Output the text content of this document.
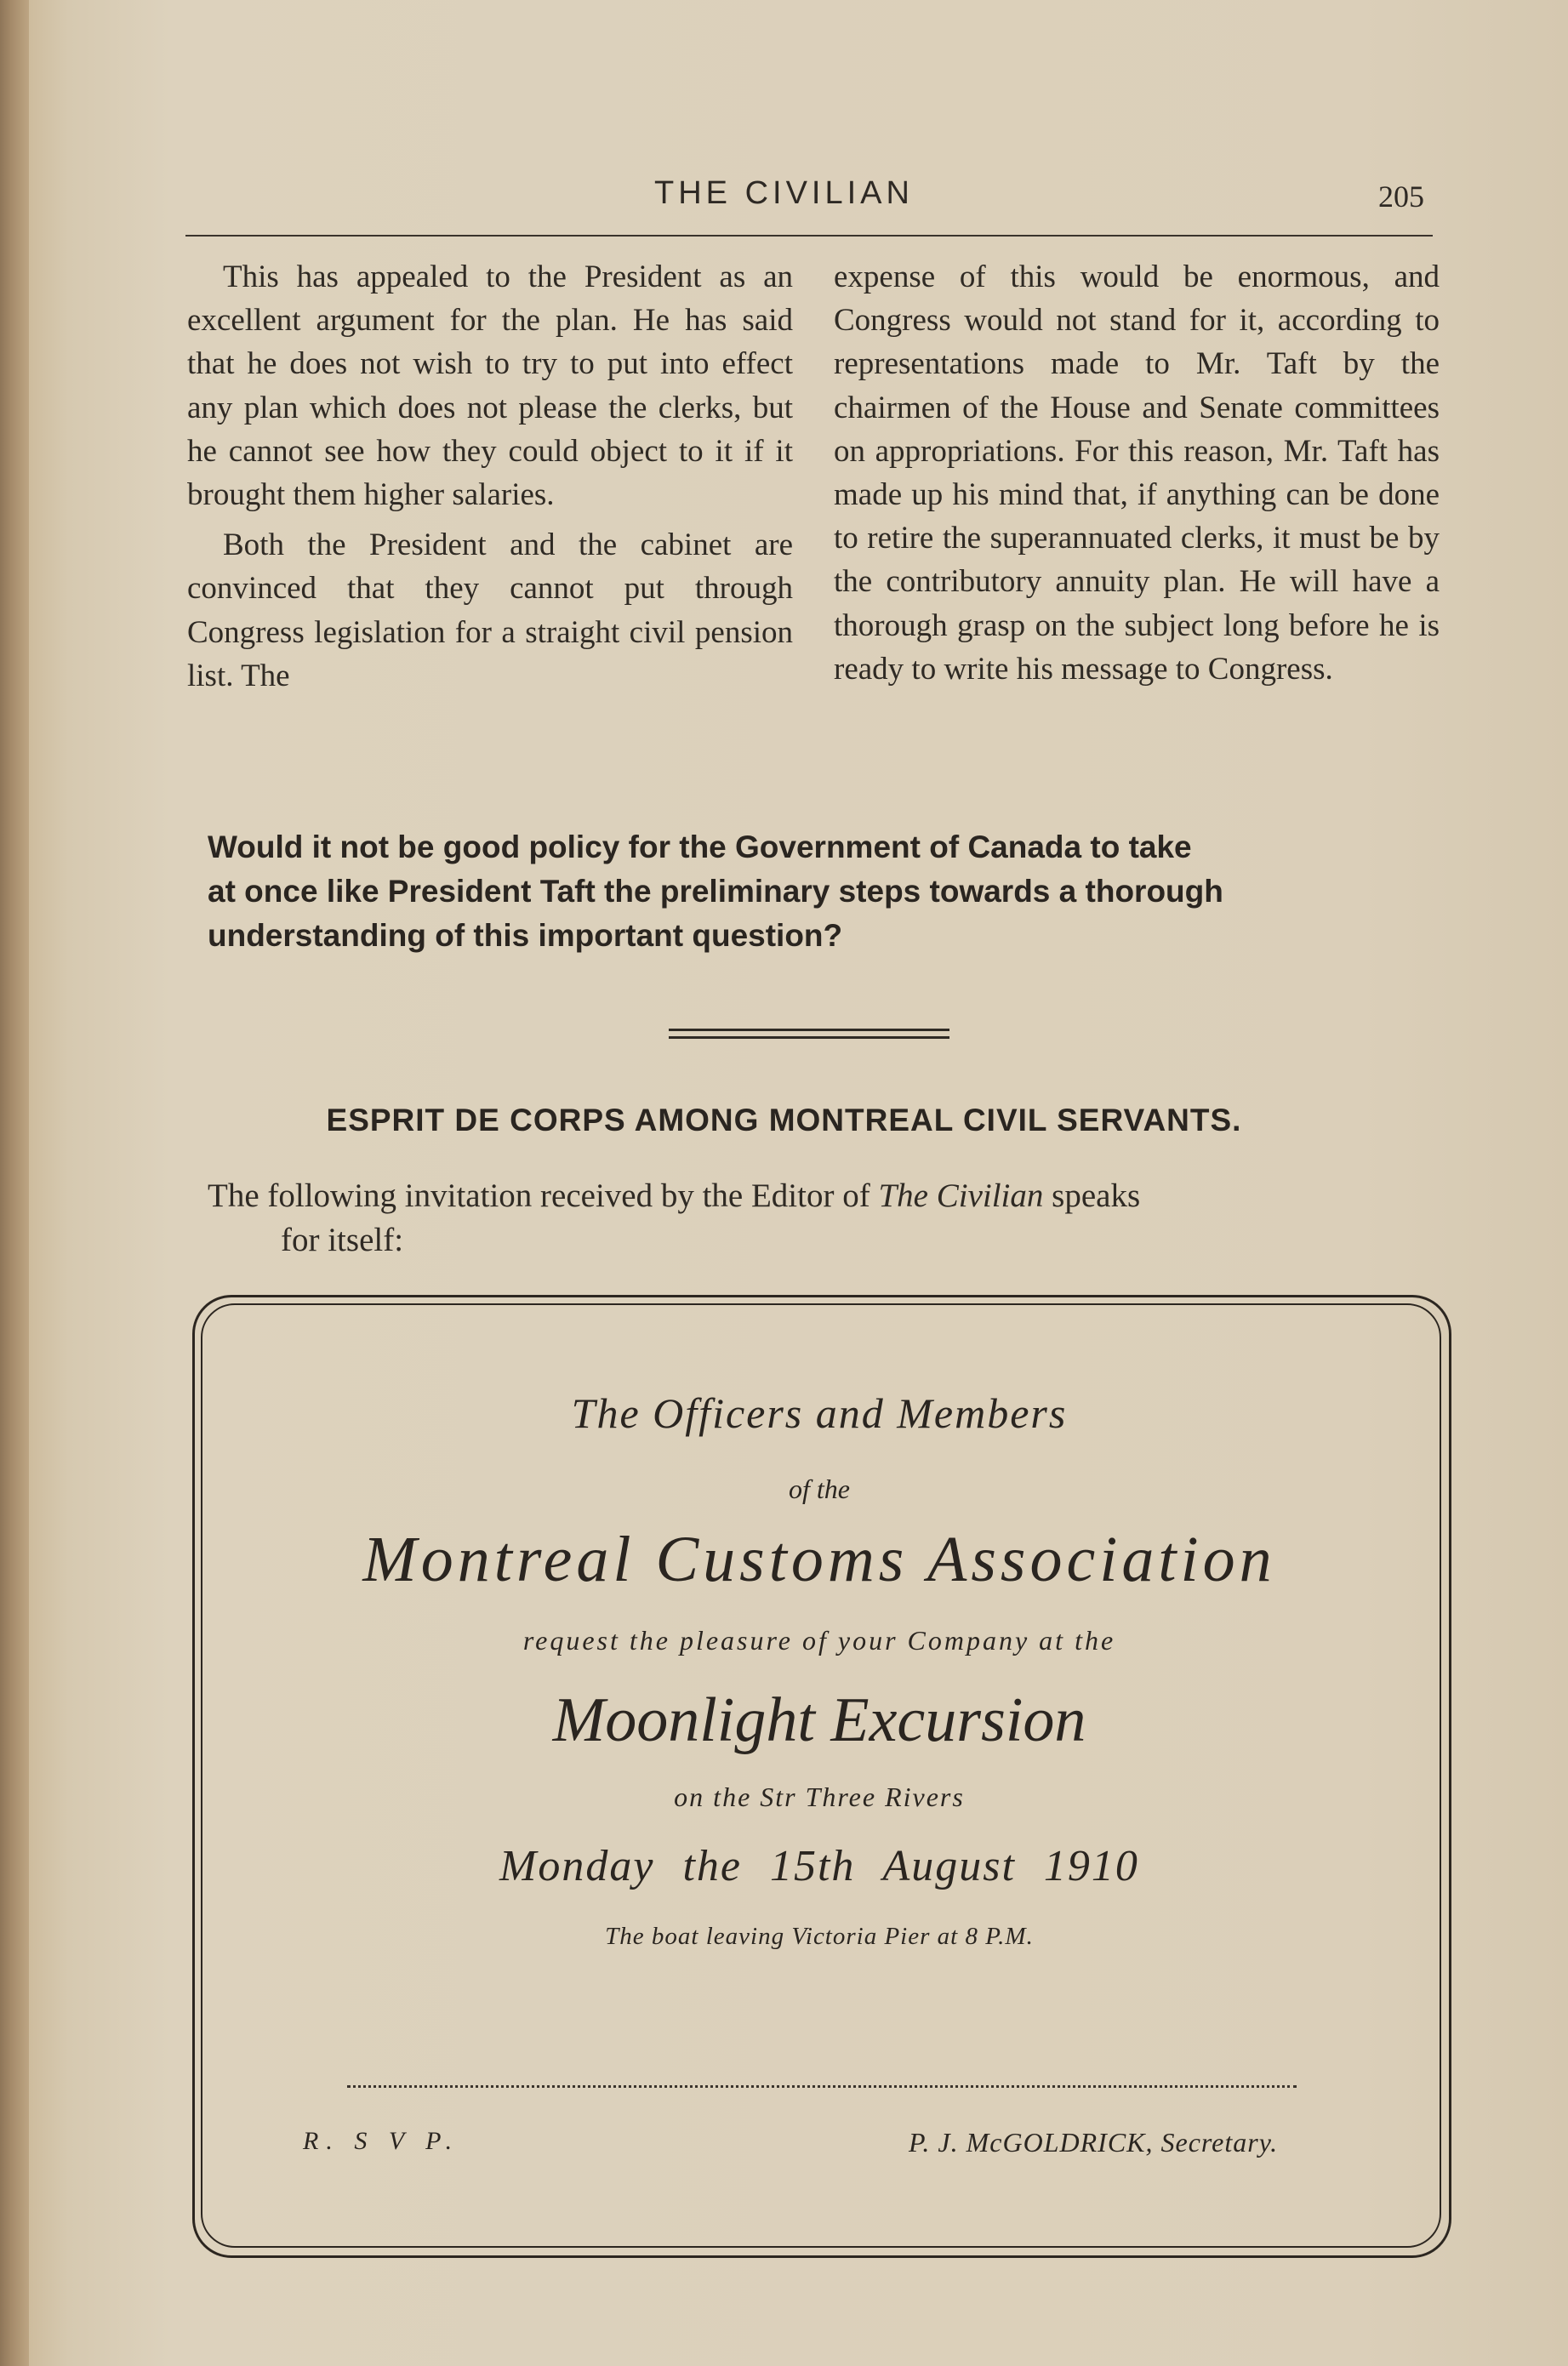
THE CIVILIAN	205

This has appealed to the President as an excellent argument for the plan. He has said that he does not wish to try to put into effect any plan which does not please the clerks, but he cannot see how they could object to it if it brought them higher salaries.

Both the President and the cabinet are convinced that they cannot put through Congress legislation for a straight civil pension list. The

expense of this would be enormous, and Congress would not stand for it, according to representations made to Mr. Taft by the chairmen of the House and Senate committees on appropriations. For this reason, Mr. Taft has made up his mind that, if anything can be done to retire the superannuated clerks, it must be by the contributory annuity plan. He will have a thorough grasp on the subject long before he is ready to write his message to Congress.

Would it not be good policy for the Government of Canada to take
at once like President Taft the preliminary steps towards a thorough
understanding of this important question?
ESPRIT DE CORPS AMONG MONTREAL CIVIL SERVANTS.
The following invitation received by the Editor of The Civilian speaks
for itself:
The Officers and Members
of the
Montreal Customs Association
request the pleasure of your Company at the
Moonlight Excursion
on the Str Three Rivers
Monday the 15th August 1910
The boat leaving Victoria Pier at 8 P.M.
R. S V P.	P. J. McGOLDRICK, Secretary.
